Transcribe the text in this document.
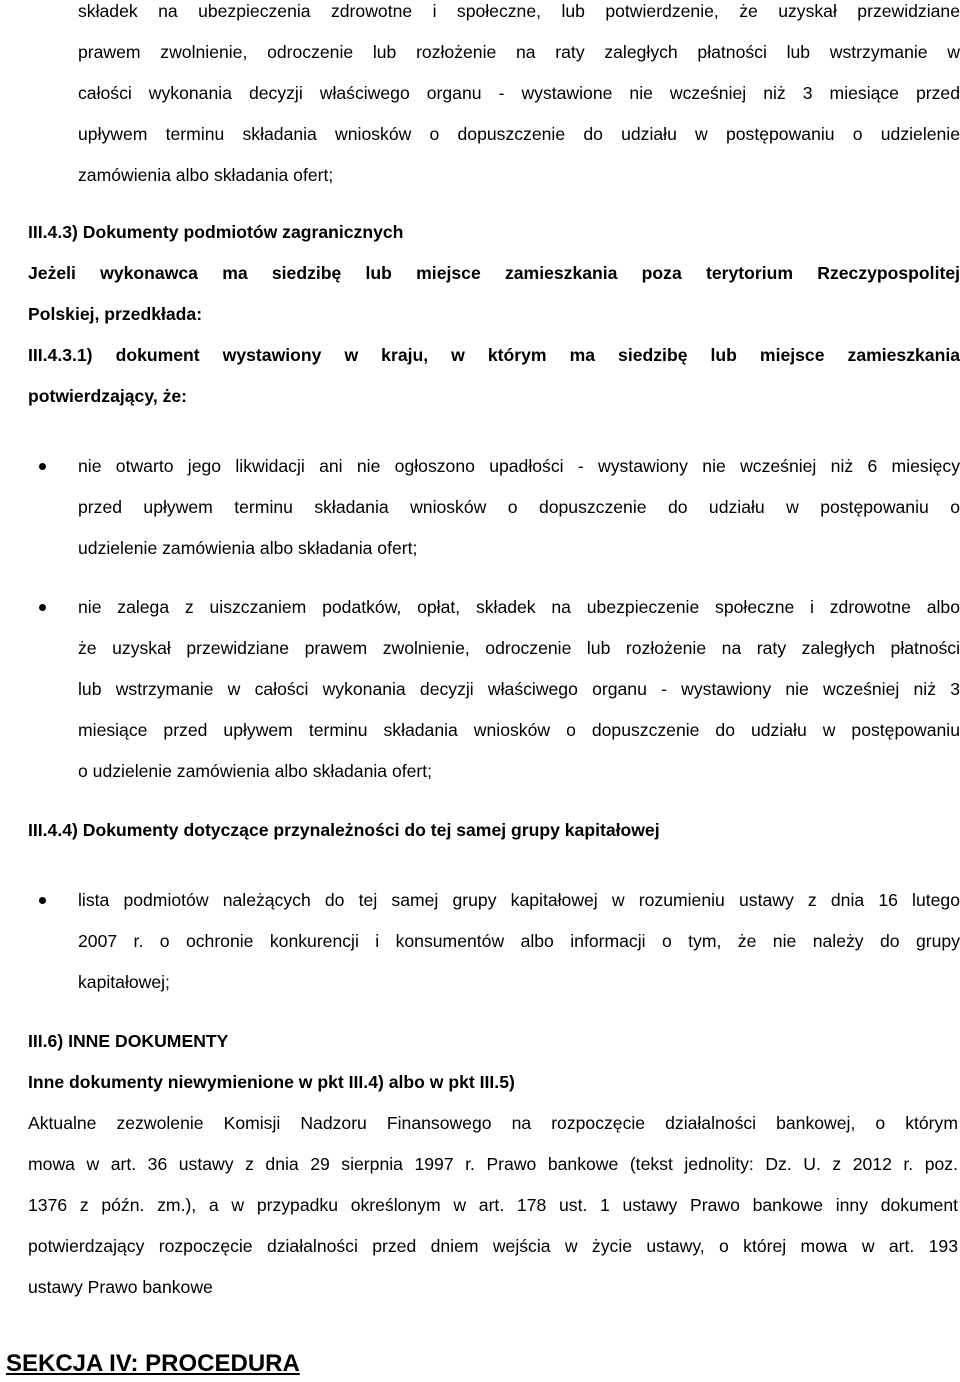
składek na ubezpieczenia zdrowotne i społeczne, lub potwierdzenie, że uzyskał przewidziane
prawem zwolnienie, odroczenie lub rozłożenie na raty zaległych płatności lub wstrzymanie w
całości wykonania decyzji właściwego organu - wystawione nie wcześniej niż 3 miesiące przed
upływem terminu składania wniosków o dopuszczenie do udziału w postępowaniu o udzielenie
zamówienia albo składania ofert;
III.4.3) Dokumenty podmiotów zagranicznych
Jeżeli wykonawca ma siedzibę lub miejsce zamieszkania poza terytorium Rzeczypospolitej
Polskiej, przedkłada:
III.4.3.1) dokument wystawiony w kraju, w którym ma siedzibę lub miejsce zamieszkania
potwierdzający, że:
nie otwarto jego likwidacji ani nie ogłoszono upadłości - wystawiony nie wcześniej niż 6 miesięcy
przed upływem terminu składania wniosków o dopuszczenie do udziału w postępowaniu o
udzielenie zamówienia albo składania ofert;
nie zalega z uiszczaniem podatków, opłat, składek na ubezpieczenie społeczne i zdrowotne albo
że uzyskał przewidziane prawem zwolnienie, odroczenie lub rozłożenie na raty zaległych płatności
lub wstrzymanie w całości wykonania decyzji właściwego organu - wystawiony nie wcześniej niż 3
miesiące przed upływem terminu składania wniosków o dopuszczenie do udziału w postępowaniu
o udzielenie zamówienia albo składania ofert;
III.4.4) Dokumenty dotyczące przynależności do tej samej grupy kapitałowej
lista podmiotów należących do tej samej grupy kapitałowej w rozumieniu ustawy z dnia 16 lutego
2007 r. o ochronie konkurencji i konsumentów albo informacji o tym, że nie należy do grupy
kapitałowej;
III.6) INNE DOKUMENTY
Inne dokumenty niewymienione w pkt III.4) albo w pkt III.5)
Aktualne zezwolenie Komisji Nadzoru Finansowego na rozpoczęcie działalności bankowej, o którym
mowa w art. 36 ustawy z dnia 29 sierpnia 1997 r. Prawo bankowe (tekst jednolity: Dz. U. z 2012 r. poz.
1376 z późn. zm.), a w przypadku określonym w art. 178 ust. 1 ustawy Prawo bankowe inny dokument
potwierdzający rozpoczęcie działalności przed dniem wejścia w życie ustawy, o której mowa w art. 193
ustawy Prawo bankowe
SEKCJA IV: PROCEDURA
